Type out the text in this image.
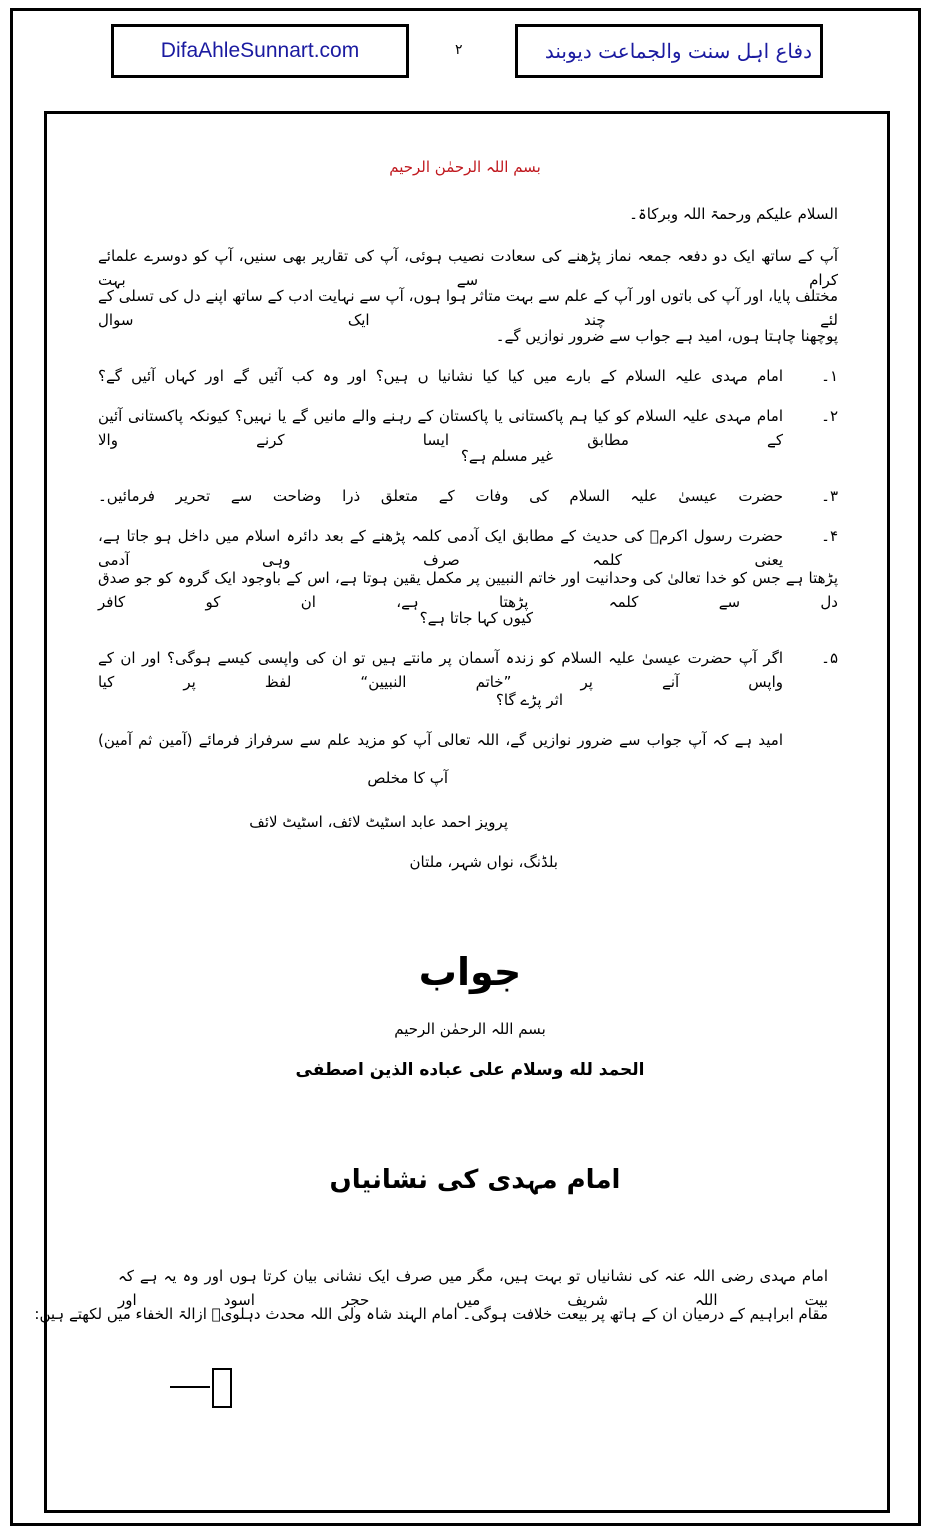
DifaAhleSunnart.com	۲	دفاع اہل سنت والجماعت دیوبند
بسم اللہ الرحمٰن الرحیم
السلام علیکم ورحمۃ اللہ وبرکاۃ۔
آپ کے ساتھ ایک دو دفعہ جمعہ نماز پڑھنے کی سعادت نصیب ہوئی، آپ کی تقاریر بھی سنیں، آپ کو دوسرے علمائے کرام سے بہت
مختلف پایا، اور آپ کی باتوں اور آپ کے علم سے بہت متاثر ہوا ہوں، آپ سے نہایت ادب کے ساتھ اپنے دل کی تسلی کے لئے چند ایک سوال
پوچھنا چاہتا ہوں، امید ہے جواب سے ضرور نوازیں گے۔
۱۔
امام مہدی علیہ السلام کے بارے میں کیا کیا نشانیا ں ہیں؟ اور وہ کب آئیں گے اور کہاں آئیں گے؟
۲۔
امام مہدی علیہ السلام کو کیا ہم پاکستانی یا پاکستان کے رہنے والے مانیں گے یا نہیں؟ کیونکہ پاکستانی آئین کے مطابق ایسا کرنے والا
غیر مسلم ہے؟
۳۔
حضرت عیسیٰ علیہ السلام کی وفات کے متعلق ذرا وضاحت سے تحریر فرمائیں۔
۴۔
حضرت رسول اکرمؐ کی حدیث کے مطابق ایک آدمی کلمہ پڑھنے کے بعد دائرہ اسلام میں داخل ہو جاتا ہے، یعنی کلمہ صرف وہی آدمی
پڑھتا ہے جس کو خدا تعالیٰ کی وحدانیت اور خاتم النبیین پر مکمل یقین ہوتا ہے، اس کے باوجود ایک گروہ کو جو صدق دل سے کلمہ پڑھتا ہے، ان کو کافر
کیوں کہا جاتا ہے؟
۵۔
اگر آپ حضرت عیسیٰ علیہ السلام کو زندہ آسمان پر مانتے ہیں تو ان کی واپسی کیسے ہوگی؟ اور ان کے واپس آنے پر ”خاتم النبیین“ لفظ پر کیا
اثر پڑے گا؟
امید ہے کہ آپ جواب سے ضرور نوازیں گے، اللہ تعالی آپ کو مزید علم سے سرفراز فرمائے (آمین ثم آمین)
آپ کا مخلص
پرویز احمد عابد اسٹیٹ لائف، اسٹیٹ لائف
بلڈنگ، نواں شہر، ملتان
جواب
بسم اللہ الرحمٰن الرحیم
الحمد لله وسلام على عباده الذين اصطفى
امام مہدی کی نشانیاں
امام مہدی رضی اللہ عنہ کی نشانیاں تو بہت ہیں، مگر میں صرف ایک نشانی بیان کرتا ہوں اور وہ یہ ہے کہ بیت اللہ شریف میں حجر اسود اور
مقام ابراہیم کے درمیان ان کے ہاتھ پر بیعت خلافت ہوگی۔ امام الہند شاہ ولی اللہ محدث دہلویؒ ازالۃ الخفاء میں لکھتے ہیں:
